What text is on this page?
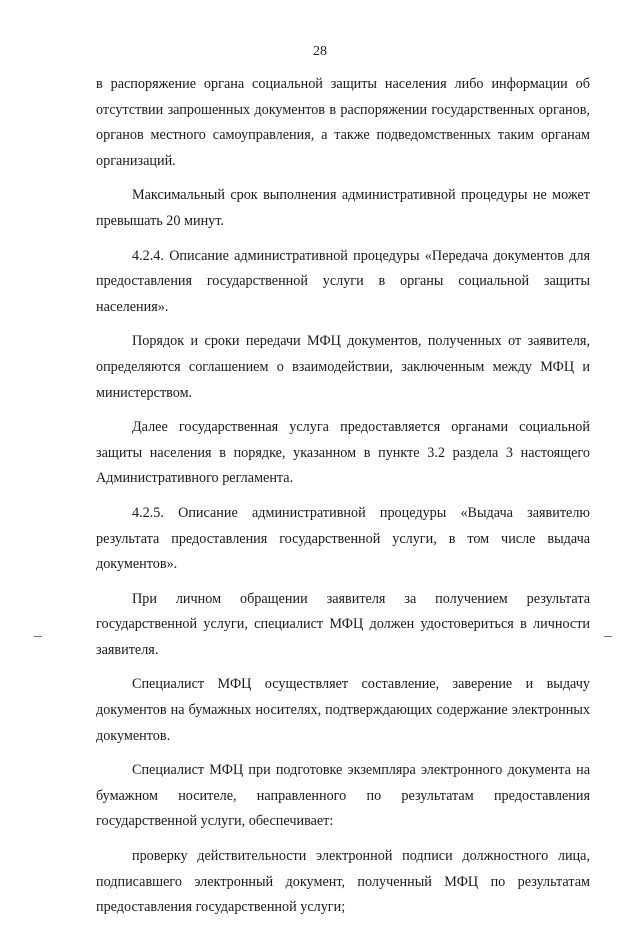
28

в распоряжение органа социальной защиты населения либо информации об отсутствии запрошенных документов в распоряжении государственных органов, органов местного самоуправления, а также подведомственных таким органам организаций.

Максимальный срок выполнения административной процедуры не может превышать 20 минут.

4.2.4. Описание административной процедуры «Передача документов для предоставления государственной услуги в органы социальной защиты населения».

Порядок и сроки передачи МФЦ документов, полученных от заявителя, определяются соглашением о взаимодействии, заключенным между МФЦ и министерством.

Далее государственная услуга предоставляется органами социальной защиты населения в порядке, указанном в пункте 3.2 раздела 3 настоящего Административного регламента.

4.2.5. Описание административной процедуры «Выдача заявителю результата предоставления государственной услуги, в том числе выдача документов».

При личном обращении заявителя за получением результата государственной услуги, специалист МФЦ должен удостовериться в личности заявителя.

Специалист МФЦ осуществляет составление, заверение и выдачу документов на бумажных носителях, подтверждающих содержание электронных документов.

Специалист МФЦ при подготовке экземпляра электронного документа на бумажном носителе, направленного по результатам предоставления государственной услуги, обеспечивает:

проверку действительности электронной подписи должностного лица, подписавшего электронный документ, полученный МФЦ по результатам предоставления государственной услуги;
